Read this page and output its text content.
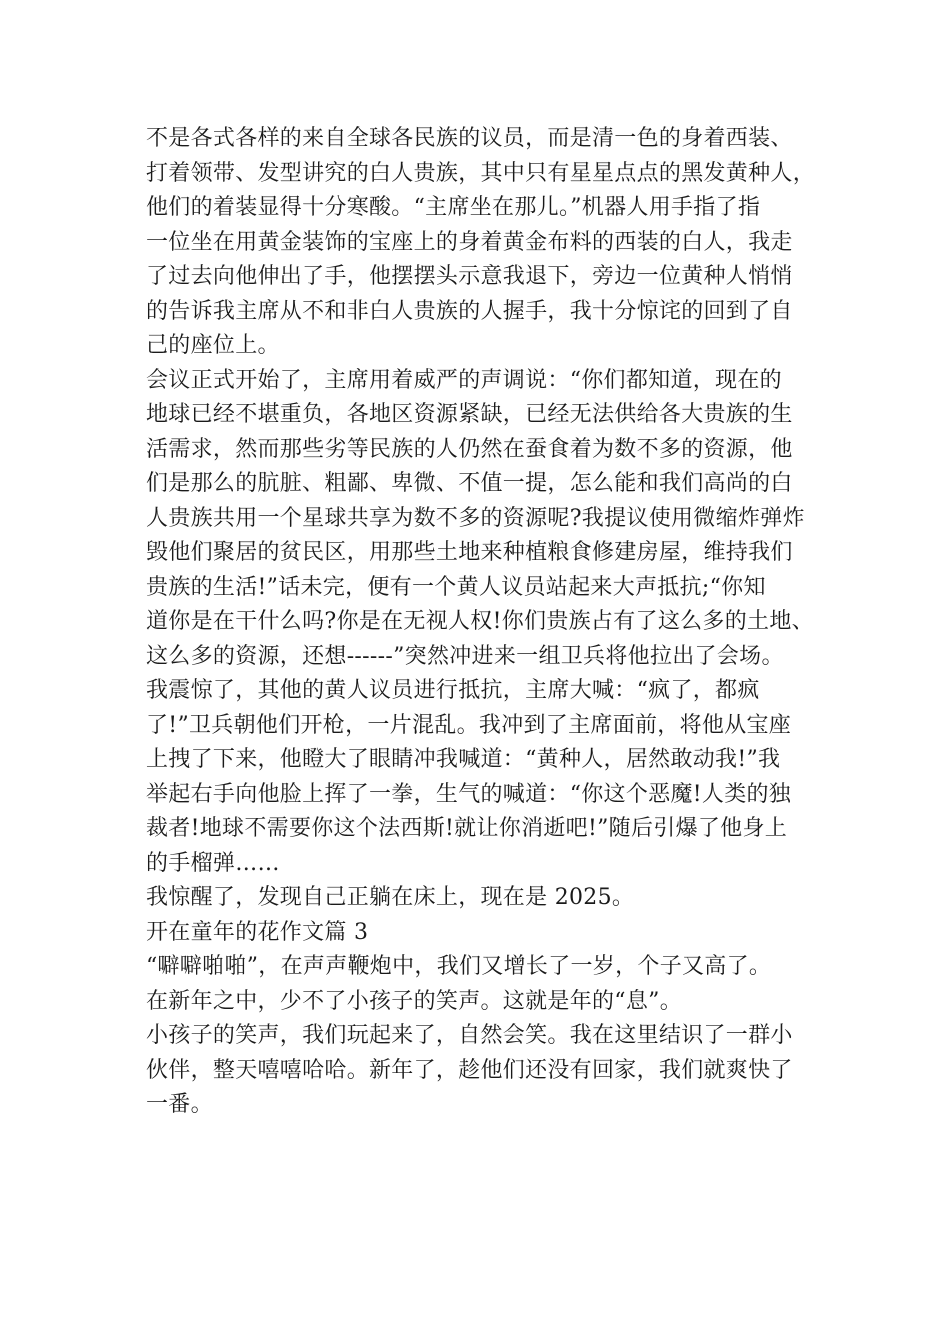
不是各式各样的来自全球各民族的议员，而是清一色的身着西装、
打着领带、发型讲究的白人贵族，其中只有星星点点的黑发黄种人，
他们的着装显得十分寒酸。“主席坐在那儿。”机器人用手指了指
一位坐在用黄金装饰的宝座上的身着黄金布料的西装的白人，我走
了过去向他伸出了手，他摆摆头示意我退下，旁边一位黄种人悄悄
的告诉我主席从不和非白人贵族的人握手，我十分惊诧的回到了自
己的座位上。
会议正式开始了，主席用着威严的声调说：“你们都知道，现在的
地球已经不堪重负，各地区资源紧缺，已经无法供给各大贵族的生
活需求，然而那些劣等民族的人仍然在蚕食着为数不多的资源，他
们是那么的肮脏、粗鄙、卑微、不值一提，怎么能和我们高尚的白
人贵族共用一个星球共享为数不多的资源呢?我提议使用微缩炸弹炸
毁他们聚居的贫民区，用那些土地来种植粮食修建房屋，维持我们
贵族的生活!”话未完，便有一个黄人议员站起来大声抵抗;“你知
道你是在干什么吗?你是在无视人权!你们贵族占有了这么多的土地、
这么多的资源，还想------”突然冲进来一组卫兵将他拉出了会场。
我震惊了，其他的黄人议员进行抵抗，主席大喊：“疯了，都疯
了!”卫兵朝他们开枪，一片混乱。我冲到了主席面前，将他从宝座
上拽了下来，他瞪大了眼睛冲我喊道：“黄种人，居然敢动我!”我
举起右手向他脸上挥了一拳，生气的喊道：“你这个恶魔!人类的独
裁者!地球不需要你这个法西斯!就让你消逝吧!”随后引爆了他身上
的手榴弹……
我惊醒了，发现自己正躺在床上，现在是 2025。
开在童年的花作文篇 3
“噼噼啪啪”，在声声鞭炮中，我们又增长了一岁，个子又高了。
在新年之中，少不了小孩子的笑声。这就是年的“息”。
小孩子的笑声，我们玩起来了，自然会笑。我在这里结识了一群小
伙伴，整天嘻嘻哈哈。新年了，趁他们还没有回家，我们就爽快了
一番。
